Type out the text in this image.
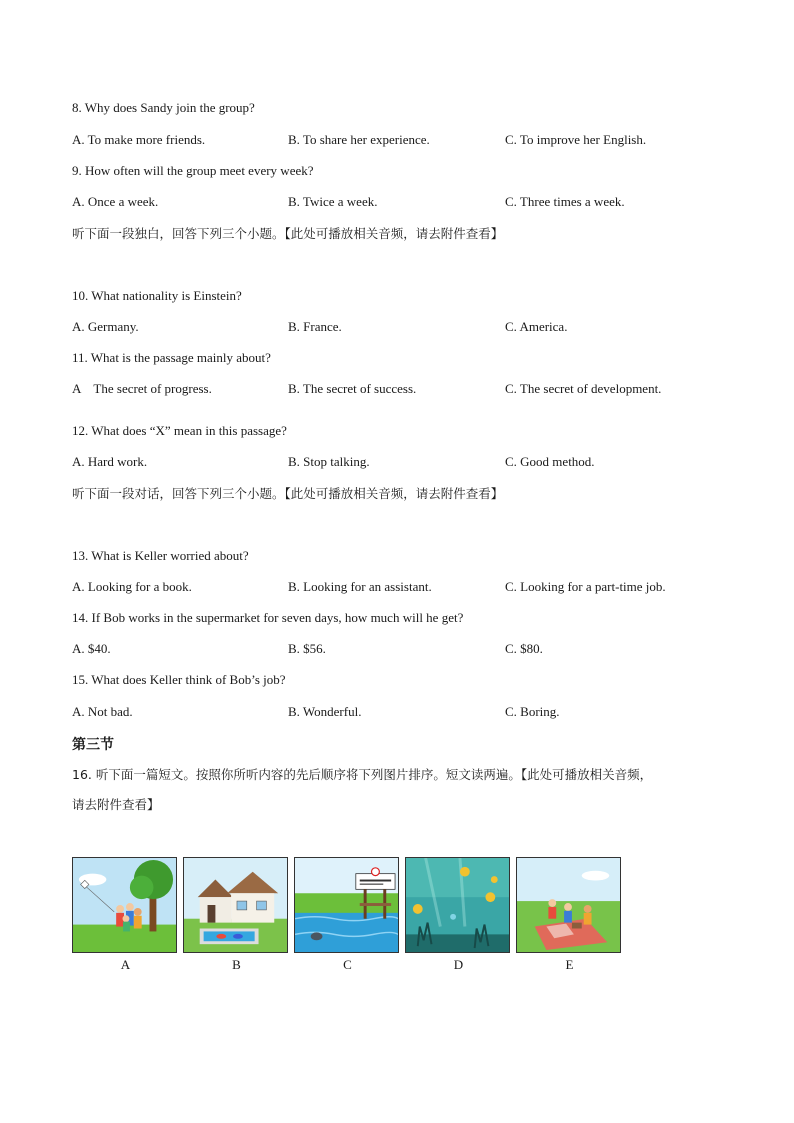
8. Why does Sandy join the group?
A. To make more friends.	B. To share her experience.	C. To improve her English.
9. How often will the group meet every week?
A. Once a week.	B. Twice a week.	C. Three times a week.
听下面一段独白，回答下列三个小题。【此处可播放相关音频，请去附件查看】
10. What nationality is Einstein?
A. Germany.	B. France.	C. America.
11. What is the passage mainly about?
A    The secret of progress.	B. The secret of success.	C. The secret of development.
12. What does “X” mean in this passage?
A. Hard work.	B. Stop talking.	C. Good method.
听下面一段对话，回答下列三个小题。【此处可播放相关音频，请去附件查看】
13. What is Keller worried about?
A. Looking for a book.	B. Looking for an assistant.	C. Looking for a part-time job.
14. If Bob works in the supermarket for seven days, how much will he get?
A. $40.	B. $56.	C. $80.
15. What does Keller think of Bob’s job?
A. Not bad.	B. Wonderful.	C. Boring.
第三节
16. 听下面一篇短文。按照你所听内容的先后顺序将下列图片排序。短文读两遍。【此处可播放相关音频，
请去附件查看】
A	B	C	D	E
